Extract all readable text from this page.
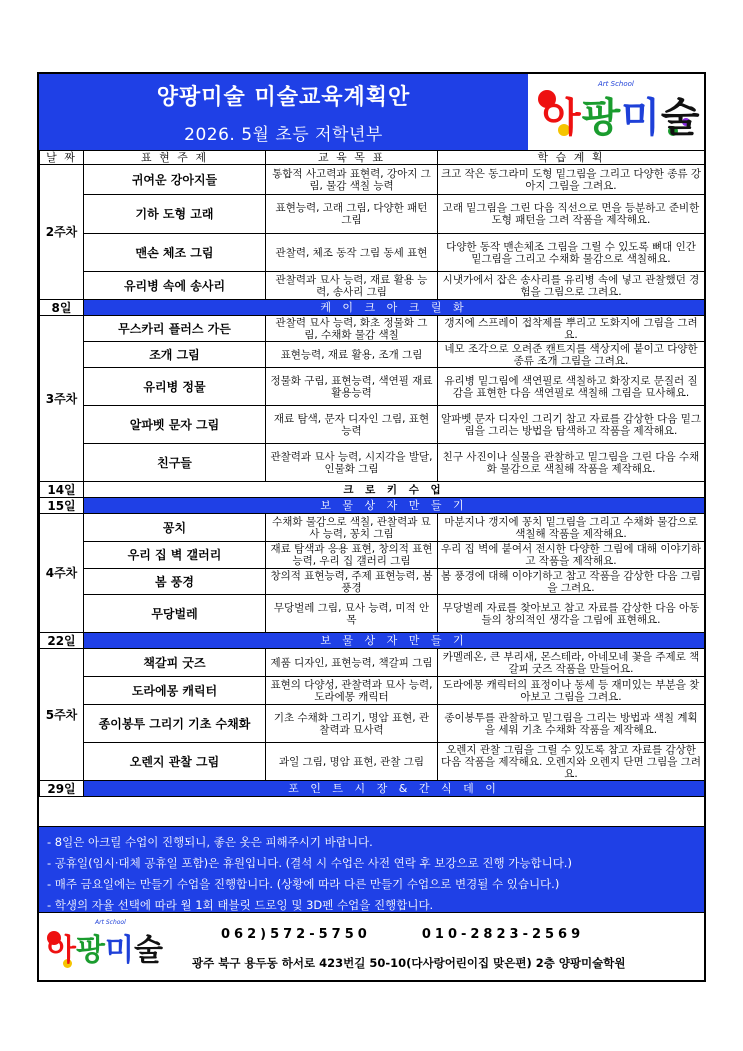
양팡미술 미술교육계획안
2026. 5월 초등 저학년부
Art School
아팡미술
날 짜	표 현 주 제	교 육 목 표	학 습 계 획
2주차	귀여운 강아지들	통합적 사고력과 표현력, 강아지 그림, 물감 색칠 능력	크고 작은 동그라미 도형 밑그림을 그리고 다양한 종류 강아지 그림을 그려요.
	기하 도형 고래	표현능력, 고래 그림, 다양한 패턴 그림	고래 밑그림을 그린 다음 직선으로 면을 등분하고 준비한 도형 패턴을 그려 작품을 제작해요.
	맨손 체조 그림	관찰력, 체조 동작 그림 동세 표현	다양한 동작 맨손체조 그림을 그릴 수 있도록 뼈대 인간 밑그림을 그리고 수채화 물감으로 색칠해요.
	유리병 속에 송사리	관찰력과 묘사 능력, 재료 활용 능력, 송사리 그림	시냇가에서 잡은 송사리를 유리병 속에 넣고 관찰했던 경험을 그림으로 그려요.
8일	케 이 크 아 크 릴 화		
3주차	무스카리 플러스 가든	관찰력 묘사 능력, 화초 정물화 그림, 수채화 물감 색칠	갱지에 스프레이 접착제를 뿌리고 도화지에 그림을 그려요.
	조개 그림	표현능력, 재료 활용, 조개 그림	네모 조각으로 오려준 캔트지를 색상지에 붙이고 다양한 종류 조개 그림을 그려요.
	유리병 정물	정물화 구림, 표현능력, 색연필 재료 활용능력	유리병 밑그림에 색연필로 색칠하고 화장지로 문질러 질감을 표현한 다음 색연필로 색칠해 그림을 묘사해요.
	알파벳 문자 그림	재료 탐색, 문자 디자인 그림, 표현능력	알파벳 문자 디자인 그리기 참고 자료를 감상한 다음 밑그림을 그리는 방법을 탐색하고 작품을 제작해요.
	친구들	관찰력과 묘사 능력, 시지각을 발달, 인물화 그림	친구 사진이나 실물을 관찰하고 밑그림을 그린 다음 수채화 물감으로 색칠해 작품을 제작해요.
14일	크 로 키 수 업		
15일	보 물 상 자 만 들 기		
4주차	꽁치	수채화 물감으로 색칠, 관찰력과 묘사 능력, 꽁치 그림	마분지나 갱지에 꽁치 밑그림을 그리고 수채화 물감으로 색칠해 작품을 제작해요.
	우리 집 벽 갤러리	재료 탐색과 응용 표현, 창의적 표현능력, 우리 집 갤러리 그림	우리 집 벽에 붙여서 전시한 다양한 그림에 대해 이야기하고 작품을 제작해요.
	봄 풍경	창의적 표현능력, 주제 표현능력, 봄 풍경	봄 풍경에 대해 이야기하고 참고 작품을 감상한 다음 그림을 그려요.
	무당벌레	무당벌레 그림, 묘사 능력, 미적 안목	무당벌레 자료를 찾아보고 참고 자료를 감상한 다음 아동들의 창의적인 생각을 그림에 표현해요.
22일	보 물 상 자 만 들 기		
5주차	책갈피 굿즈	제품 디자인, 표현능력, 책갈피 그림	카멜레온, 큰 부리새, 몬스테라, 아네모네 꽃을 주제로 책갈피 굿즈 작품을 만들어요.
	도라에몽 캐릭터	표현의 다양성, 관찰력과 묘사 능력, 도라에몽 캐릭터	도라에몽 캐릭터의 표정이나 동세 등 재미있는 부분을 찾아보고 그림을 그려요.
	종이봉투 그리기 기초 수채화	기초 수채화 그리기, 명암 표현, 관찰력과 묘사력	종이봉투를 관찰하고 밑그림을 그리는 방법과 색칠 계획을 세워 기초 수채화 작품을 제작해요.
	오렌지 관찰 그림	과일 그림, 명암 표현, 관찰 그림	오렌지 관찰 그림을 그릴 수 있도록 참고 자료를 감상한 다음 작품을 제작해요. 오렌지와 오렌지 단면 그림을 그려요.
29일	포 인 트 시 장 & 간 식 데 이		
- 8일은 아크릴 수업이 진행되니, 좋은 옷은 피해주시기 바랍니다.
- 공휴일(임시·대체 공휴일 포함)은 휴원입니다. (결석 시 수업은 사전 연락 후 보강으로 진행 가능합니다.)
- 매주 금요일에는 만들기 수업을 진행합니다. (상황에 따라 다른 만들기 수업으로 변경될 수 있습니다.)
- 학생의 자율 선택에 따라 월 1회 태블릿 드로잉 및 3D펜 수업을 진행합니다.
Art School
아팡미술	062)572-5750	010-2823-2569
광주 북구 용두동 하서로 423번길 50-10(다사랑어린이집 맞은편) 2층 양팡미술학원
